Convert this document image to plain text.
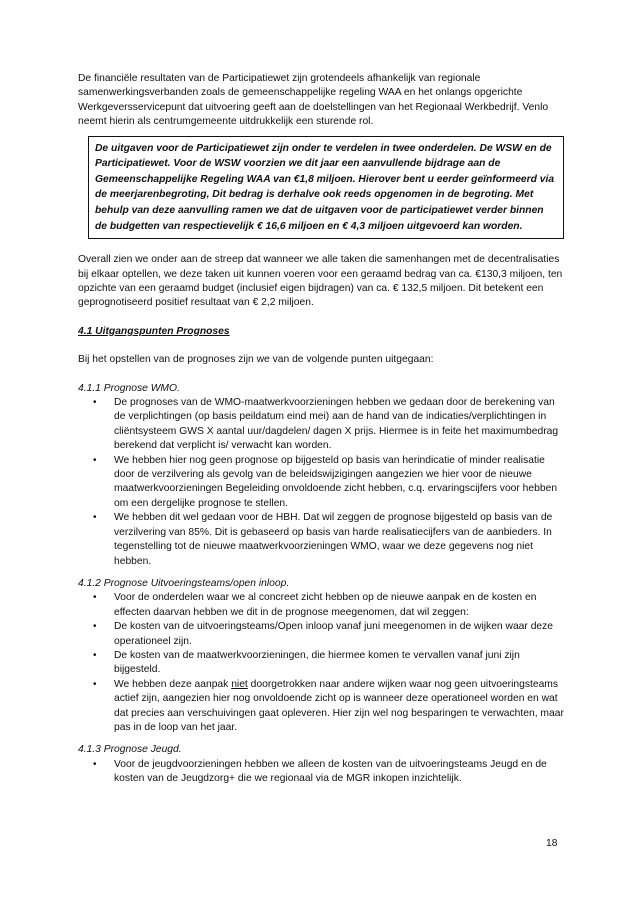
De financiële resultaten van de Participatiewet zijn grotendeels afhankelijk van regionale samenwerkingsverbanden zoals de gemeenschappelijke regeling WAA en het onlangs opgerichte Werkgeversservicepunt dat uitvoering geeft aan de doelstellingen van het Regionaal Werkbedrijf. Venlo neemt hierin als centrumgemeente uitdrukkelijk een sturende rol.

De uitgaven voor de Participatiewet zijn onder te verdelen in twee onderdelen. De WSW en de Participatiewet. Voor de WSW voorzien we dit jaar een aanvullende bijdrage aan de Gemeenschappelijke Regeling WAA van €1,8 miljoen. Hierover bent u eerder geïnformeerd via de meerjarenbegroting, Dit bedrag is derhalve ook reeds opgenomen in de begroting. Met behulp van deze aanvulling ramen we dat de uitgaven voor de participatiewet verder binnen de budgetten van respectievelijk € 16,6 miljoen en € 4,3 miljoen uitgevoerd kan worden.

Overall zien we onder aan de streep dat wanneer we alle taken die samenhangen met de decentralisaties bij elkaar optellen, we deze taken uit kunnen voeren voor een geraamd bedrag van ca. €130,3 miljoen, ten opzichte van een geraamd budget (inclusief eigen bijdragen) van ca. € 132,5 miljoen. Dit betekent een geprognotiseerd positief resultaat van € 2,2 miljoen.

4.1 Uitgangspunten Prognoses

Bij het opstellen van de prognoses zijn we van de volgende punten uitgegaan:

4.1.1 Prognose WMO.

• De prognoses van de WMO-maatwerkvoorzieningen hebben we gedaan door de berekening van de verplichtingen (op basis peildatum eind mei) aan de hand van de indicaties/verplichtingen in cliëntsysteem GWS X aantal uur/dagdelen/ dagen X prijs. Hiermee is in feite het maximumbedrag berekend dat verplicht is/ verwacht kan worden.
• We hebben hier nog geen prognose op bijgesteld op basis van herindicatie of minder realisatie door de verzilvering als gevolg van de beleidswijzigingen aangezien we hier voor de nieuwe maatwerkvoorzieningen Begeleiding onvoldoende zicht hebben, c.q. ervaringscijfers voor hebben om een dergelijke prognose te stellen.
• We hebben dit wel gedaan voor de HBH. Dat wil zeggen de prognose bijgesteld op basis van de verzilvering van 85%. Dit is gebaseerd op basis van harde realisatiecijfers van de aanbieders. In tegenstelling tot de nieuwe maatwerkvoorzieningen WMO, waar we deze gegevens nog niet hebben.

4.1.2 Prognose Uitvoeringsteams/open inloop.

• Voor de onderdelen waar we al concreet zicht hebben op de nieuwe aanpak en de kosten en effecten daarvan hebben we dit in de prognose meegenomen, dat wil zeggen:
• De kosten van de uitvoeringsteams/Open inloop vanaf juni meegenomen in de wijken waar deze operationeel zijn.
• De kosten van de maatwerkvoorzieningen, die hiermee komen te vervallen vanaf juni zijn bijgesteld.
• We hebben deze aanpak niet doorgetrokken naar andere wijken waar nog geen uitvoeringsteams actief zijn, aangezien hier nog onvoldoende zicht op is wanneer deze operationeel worden en wat dat precies aan verschuivingen gaat opleveren. Hier zijn wel nog besparingen te verwachten, maar pas in de loop van het jaar.

4.1.3 Prognose Jeugd.

• Voor de jeugdvoorzieningen hebben we alleen de kosten van de uitvoeringsteams Jeugd en de kosten van de Jeugdzorg+ die we regionaal via de MGR inkopen inzichtelijk.
18
